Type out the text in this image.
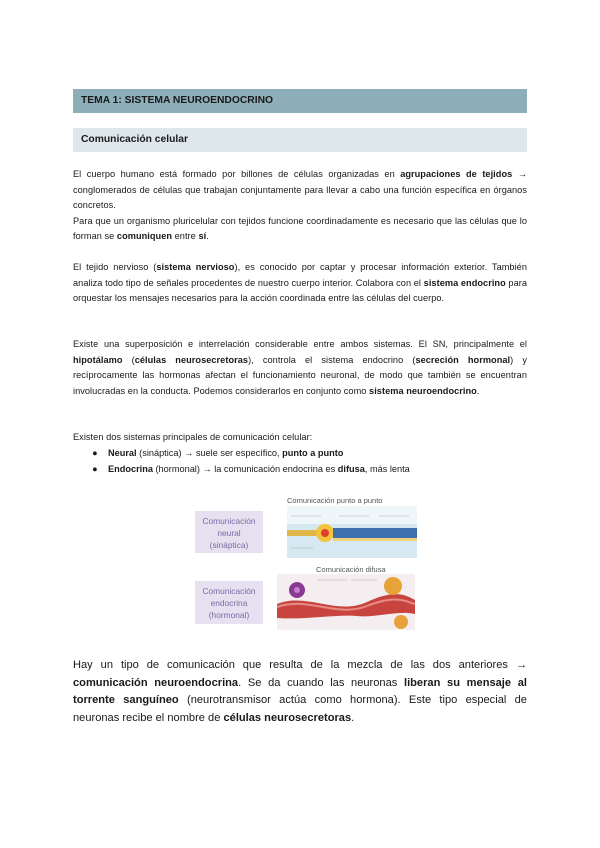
TEMA 1: SISTEMA NEUROENDOCRINO
Comunicación celular

El cuerpo humano está formado por billones de células organizadas en agrupaciones de tejidos → conglomerados de células que trabajan conjuntamente para llevar a cabo una función específica en órganos concretos.
Para que un organismo pluricelular con tejidos funcione coordinadamente es necesario que las células que lo forman se comuniquen entre sí.

El tejido nervioso (sistema nervioso), es conocido por captar y procesar información exterior. También analiza todo tipo de señales procedentes de nuestro cuerpo interior. Colabora con el sistema endocrino para orquestar los mensajes necesarios para la acción coordinada entre las células del cuerpo.

Existe una superposición e interrelación considerable entre ambos sistemas. El SN, principalmente el hipotálamo (células neurosecretoras), controla el sistema endocrino (secreción hormonal) y recíprocamente las hormonas afectan el funcionamiento neuronal, de modo que también se encuentran involucradas en la conducta. Podemos considerarlos en conjunto como sistema neuroendocrino.

Existen dos sistemas principales de comunicación celular:

● Neural (sináptica) → suele ser específico, punto a punto
● Endocrina (hormonal) → la comunicación endocrina es difusa, más lenta
Comunicación
neural
(sináptica)
Comunicación
endocrina
(hormonal)
Comunicación punto a punto
Comunicación difusa

Hay un tipo de comunicación que resulta de la mezcla de las dos anteriores → comunicación neuroendocrina. Se da cuando las neuronas liberan su mensaje al torrente sanguíneo (neurotransmisor actúa como hormona). Este tipo especial de neuronas recibe el nombre de células neurosecretoras.
